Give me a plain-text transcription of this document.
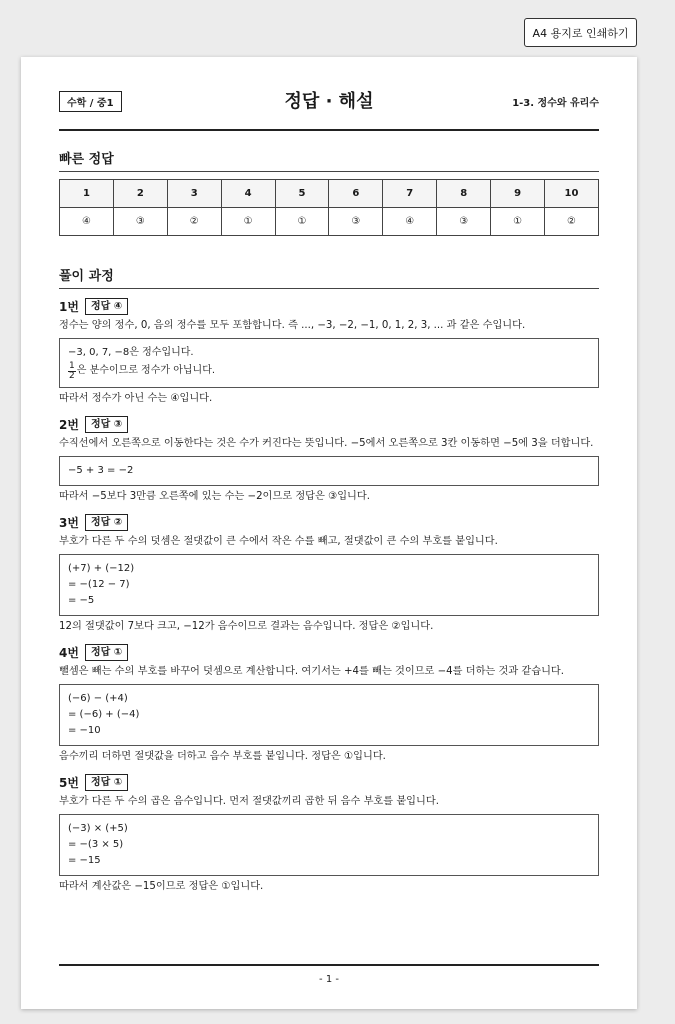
A4 용지로 인쇄하기
수학 / 중1	정답 · 해설	1-3. 정수와 유리수
빠른 정답
1	2	3	4	5	6	7	8	9	10
④	③	②	①	①	③	④	③	①	②
풀이 과정
1번	정답 ④
정수는 양의 정수, 0, 음의 정수를 모두 포함합니다. 즉 ..., −3, −2, −1, 0, 1, 2, 3, ... 과 같은 수입니다.
−3, 0, 7, −8은 정수입니다.
$\frac{1}{2}$ 은 분수이므로 정수가 아닙니다.
따라서 정수가 아닌 수는 ④입니다.
2번	정답 ③
수직선에서 오른쪽으로 이동한다는 것은 수가 커진다는 뜻입니다. −5에서 오른쪽으로 3칸 이동하면 −5에 3을 더합니다.
−5 + 3 = −2
따라서 −5보다 3만큼 오른쪽에 있는 수는 −2이므로 정답은 ③입니다.
3번	정답 ②
부호가 다른 두 수의 덧셈은 절댓값이 큰 수에서 작은 수를 빼고, 절댓값이 큰 수의 부호를 붙입니다.
(+7) + (−12)
= −(12 − 7)
= −5
12의 절댓값이 7보다 크고, −12가 음수이므로 결과는 음수입니다. 정답은 ②입니다.
4번	정답 ①
뺄셈은 빼는 수의 부호를 바꾸어 덧셈으로 계산합니다. 여기서는 +4를 빼는 것이므로 −4를 더하는 것과 같습니다.
(−6) − (+4)
= (−6) + (−4)
= −10
음수끼리 더하면 절댓값을 더하고 음수 부호를 붙입니다. 정답은 ①입니다.
5번	정답 ①
부호가 다른 두 수의 곱은 음수입니다. 먼저 절댓값끼리 곱한 뒤 음수 부호를 붙입니다.
(−3) × (+5)
= −(3 × 5)
= −15
따라서 계산값은 −15이므로 정답은 ①입니다.
- 1 -
